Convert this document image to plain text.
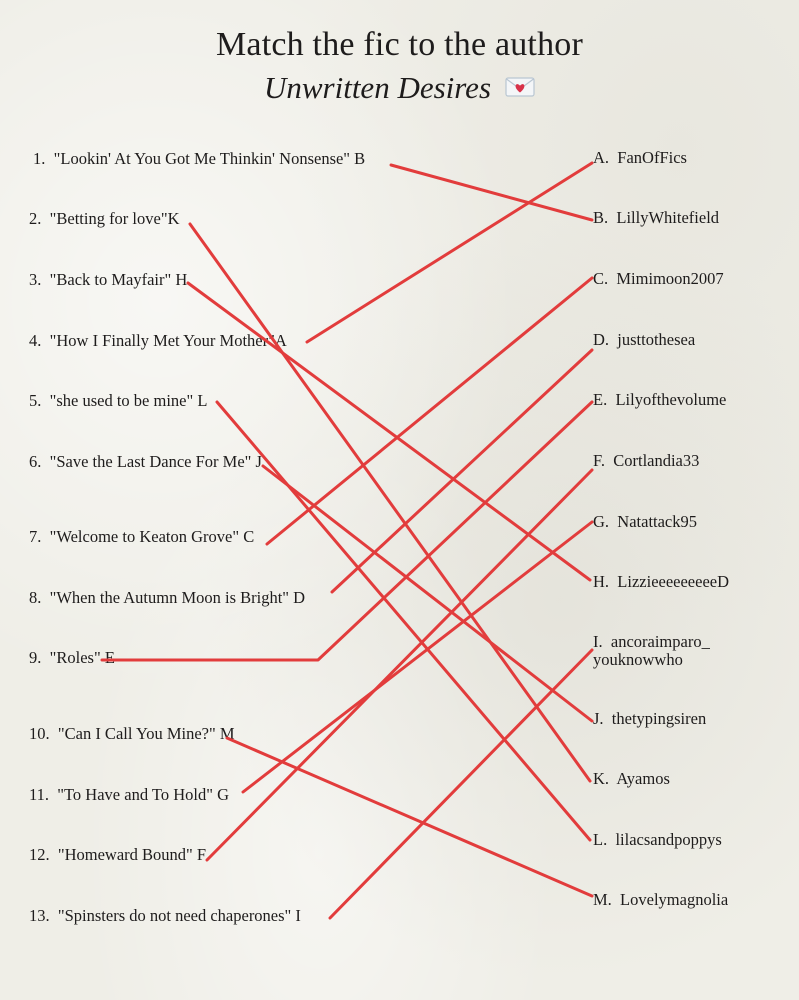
Match the fic to the author
Unwritten Desires
1. "Lookin' At You Got Me Thinkin' Nonsense" B
2. "Betting for love"K
3. "Back to Mayfair" H
4. "How I Finally Met Your Mother"A
5. "she used to be mine" L
6. "Save the Last Dance For Me" J
7. "Welcome to Keaton Grove" C
8. "When the Autumn Moon is Bright" D
9. "Roles" E
10. "Can I Call You Mine?" M
11. "To Have and To Hold" G
12. "Homeward Bound" F
13. "Spinsters do not need chaperones" I
A. FanOfFics
B. LillyWhitefield
C. Mimimoon2007
D. justtothesea
E. Lilyofthevolume
F. Cortlandia33
G. Natattack95
H. LizzieeeeeeeeeD
I. ancoraimparo_
youknowwho
J. thetypingsiren
K. Ayamos
L. lilacsandpoppys
M. Lovelymagnolia
